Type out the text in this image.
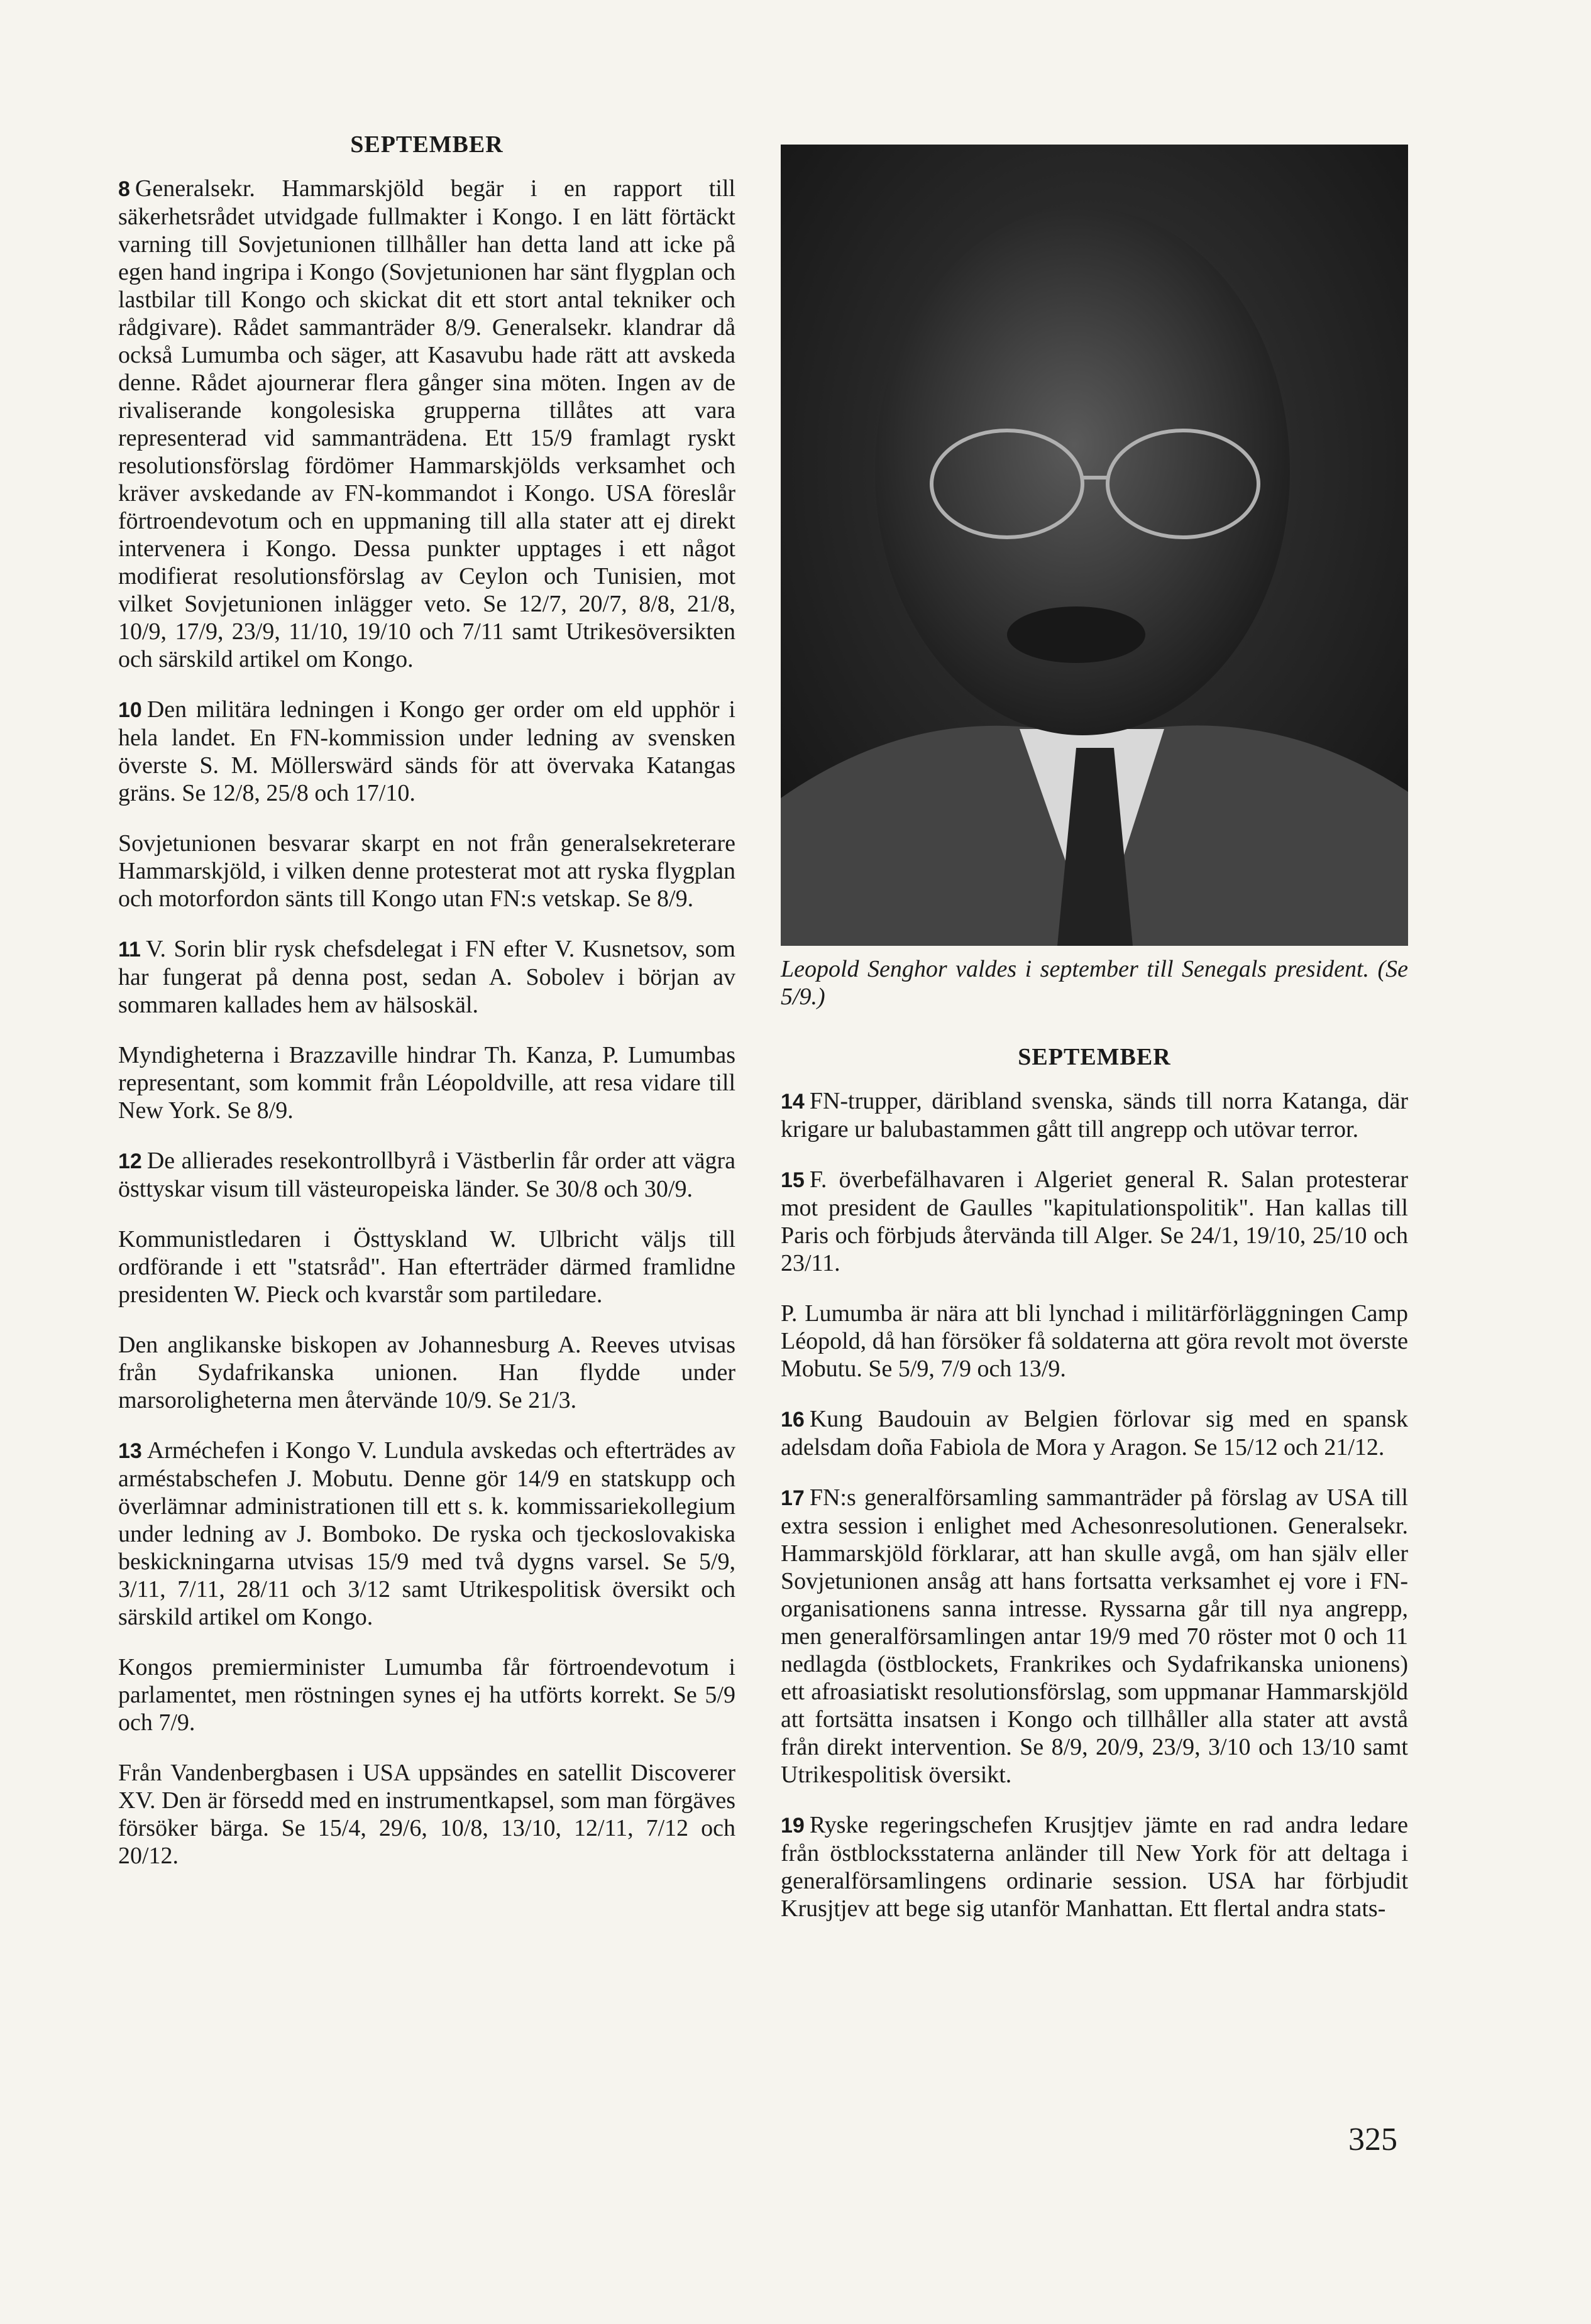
SEPTEMBER

8 Generalsekr. Hammarskjöld begär i en rapport till säkerhetsrådet utvidgade fullmakter i Kongo. I en lätt förtäckt varning till Sovjetunionen tillhåller han detta land att icke på egen hand ingripa i Kongo (Sovjetunionen har sänt flygplan och lastbilar till Kongo och skickat dit ett stort antal tekniker och rådgivare). Rådet sammanträder 8/9. Generalsekr. klandrar då också Lumumba och säger, att Kasavubu hade rätt att avskeda denne. Rådet ajournerar flera gånger sina möten. Ingen av de rivaliserande kongolesiska grupperna tillåtes att vara representerad vid sammanträdena. Ett 15/9 framlagt ryskt resolutionsförslag fördömer Hammarskjölds verksamhet och kräver avskedande av FN-kommandot i Kongo. USA föreslår förtroendevotum och en uppmaning till alla stater att ej direkt intervenera i Kongo. Dessa punkter upptages i ett något modifierat resolutionsförslag av Ceylon och Tunisien, mot vilket Sovjetunionen inlägger veto. Se 12/7, 20/7, 8/8, 21/8, 10/9, 17/9, 23/9, 11/10, 19/10 och 7/11 samt Utrikesöversikten och särskild artikel om Kongo.

10 Den militära ledningen i Kongo ger order om eld upphör i hela landet. En FN-kommission under ledning av svensken överste S. M. Möllerswärd sänds för att övervaka Katangas gräns. Se 12/8, 25/8 och 17/10.

Sovjetunionen besvarar skarpt en not från generalsekreterare Hammarskjöld, i vilken denne protesterat mot att ryska flygplan och motorfordon sänts till Kongo utan FN:s vetskap. Se 8/9.

11 V. Sorin blir rysk chefsdelegat i FN efter V. Kusnetsov, som har fungerat på denna post, sedan A. Sobolev i början av sommaren kallades hem av hälsoskäl.

Myndigheterna i Brazzaville hindrar Th. Kanza, P. Lumumbas representant, som kommit från Léopoldville, att resa vidare till New York. Se 8/9.

12 De allierades resekontrollbyrå i Västberlin får order att vägra östtyskar visum till västeuropeiska länder. Se 30/8 och 30/9.

Kommunistledaren i Östtyskland W. Ulbricht väljs till ordförande i ett "statsråd". Han efterträder därmed framlidne presidenten W. Pieck och kvarstår som partiledare.

Den anglikanske biskopen av Johannesburg A. Reeves utvisas från Sydafrikanska unionen. Han flydde under marsoroligheterna men återvände 10/9. Se 21/3.

13 Arméchefen i Kongo V. Lundula avskedas och efterträdes av arméstabschefen J. Mobutu. Denne gör 14/9 en statskupp och överlämnar administrationen till ett s. k. kommissariekollegium under ledning av J. Bomboko. De ryska och tjeckoslovakiska beskickningarna utvisas 15/9 med två dygns varsel. Se 5/9, 3/11, 7/11, 28/11 och 3/12 samt Utrikespolitisk översikt och särskild artikel om Kongo.

Kongos premierminister Lumumba får förtroendevotum i parlamentet, men röstningen synes ej ha utförts korrekt. Se 5/9 och 7/9.

Från Vandenbergbasen i USA uppsändes en satellit Discoverer XV. Den är försedd med en instrumentkapsel, som man förgäves försöker bärga. Se 15/4, 29/6, 10/8, 13/10, 12/11, 7/12 och 20/12.

Leopold Senghor valdes i september till Senegals president. (Se 5/9.)
SEPTEMBER

14 FN-trupper, däribland svenska, sänds till norra Katanga, där krigare ur balubastammen gått till angrepp och utövar terror.

15 F. överbefälhavaren i Algeriet general R. Salan protesterar mot president de Gaulles "kapitulationspolitik". Han kallas till Paris och förbjuds återvända till Alger. Se 24/1, 19/10, 25/10 och 23/11.

P. Lumumba är nära att bli lynchad i militärförläggningen Camp Léopold, då han försöker få soldaterna att göra revolt mot överste Mobutu. Se 5/9, 7/9 och 13/9.

16 Kung Baudouin av Belgien förlovar sig med en spansk adelsdam doña Fabiola de Mora y Aragon. Se 15/12 och 21/12.

17 FN:s generalförsamling sammanträder på förslag av USA till extra session i enlighet med Achesonresolutionen. Generalsekr. Hammarskjöld förklarar, att han skulle avgå, om han själv eller Sovjetunionen ansåg att hans fortsatta verksamhet ej vore i FN-organisationens sanna intresse. Ryssarna går till nya angrepp, men generalförsamlingen antar 19/9 med 70 röster mot 0 och 11 nedlagda (östblockets, Frankrikes och Sydafrikanska unionens) ett afroasiatiskt resolutionsförslag, som uppmanar Hammarskjöld att fortsätta insatsen i Kongo och tillhåller alla stater att avstå från direkt intervention. Se 8/9, 20/9, 23/9, 3/10 och 13/10 samt Utrikespolitisk översikt.

19 Ryske regeringschefen Krusjtjev jämte en rad andra ledare från östblocksstaterna anländer till New York för att deltaga i generalförsamlingens ordinarie session. USA har förbjudit Krusjtjev att bege sig utanför Manhattan. Ett flertal andra stats-

325
